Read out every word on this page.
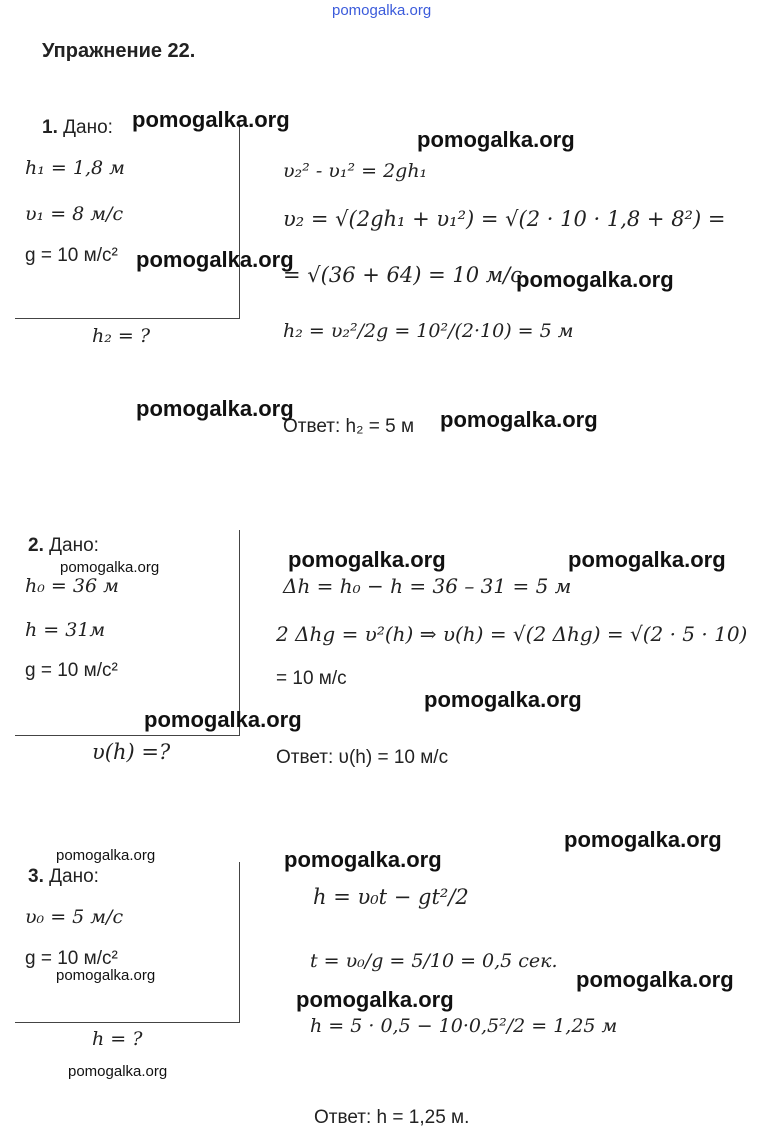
pomogalka.org
Упражнение 22.
1. Дано:
h₁ = 1,8 м
υ₁ = 8 м/с
g = 10 м/с²
h₂ = ?
υ₂² - υ₁² = 2gh₁
υ₂ = √(2gh₁ + υ₁²) = √(2 · 10 · 1,8 + 8²) =
= √(36 + 64) = 10 м/с
h₂ = υ₂²/2g = 10²/(2·10) = 5 м
Ответ: h₂ = 5 м
2. Дано:
h₀ = 36 м
h = 31м
g = 10 м/с²
υ(h) =?
Δh = h₀ − h = 36 – 31 = 5 м
2 Δhg = υ²(h) ⇒ υ(h) = √(2 Δhg) = √(2 · 5 · 10)
= 10 м/с
Ответ: υ(h) = 10 м/с
3. Дано:
υ₀ = 5 м/с
g = 10 м/с²
h = ?
h = υ₀t − gt²/2
t = υ₀/g = 5/10 = 0,5 сек.
h = 5 · 0,5 − 10·0,5²/2 = 1,25 м
Ответ: h = 1,25 м.
pomogalka.org
pomogalka.org
pomogalka.org
pomogalka.org
pomogalka.org	pomogalka.org
pomogalka.org	pomogalka.org
pomogalka.org
pomogalka.org
pomogalka.org
pomogalka.org
pomogalka.org	pomogalka.org
pomogalka.org	pomogalka.org
pomogalka.org
pomogalka.org
